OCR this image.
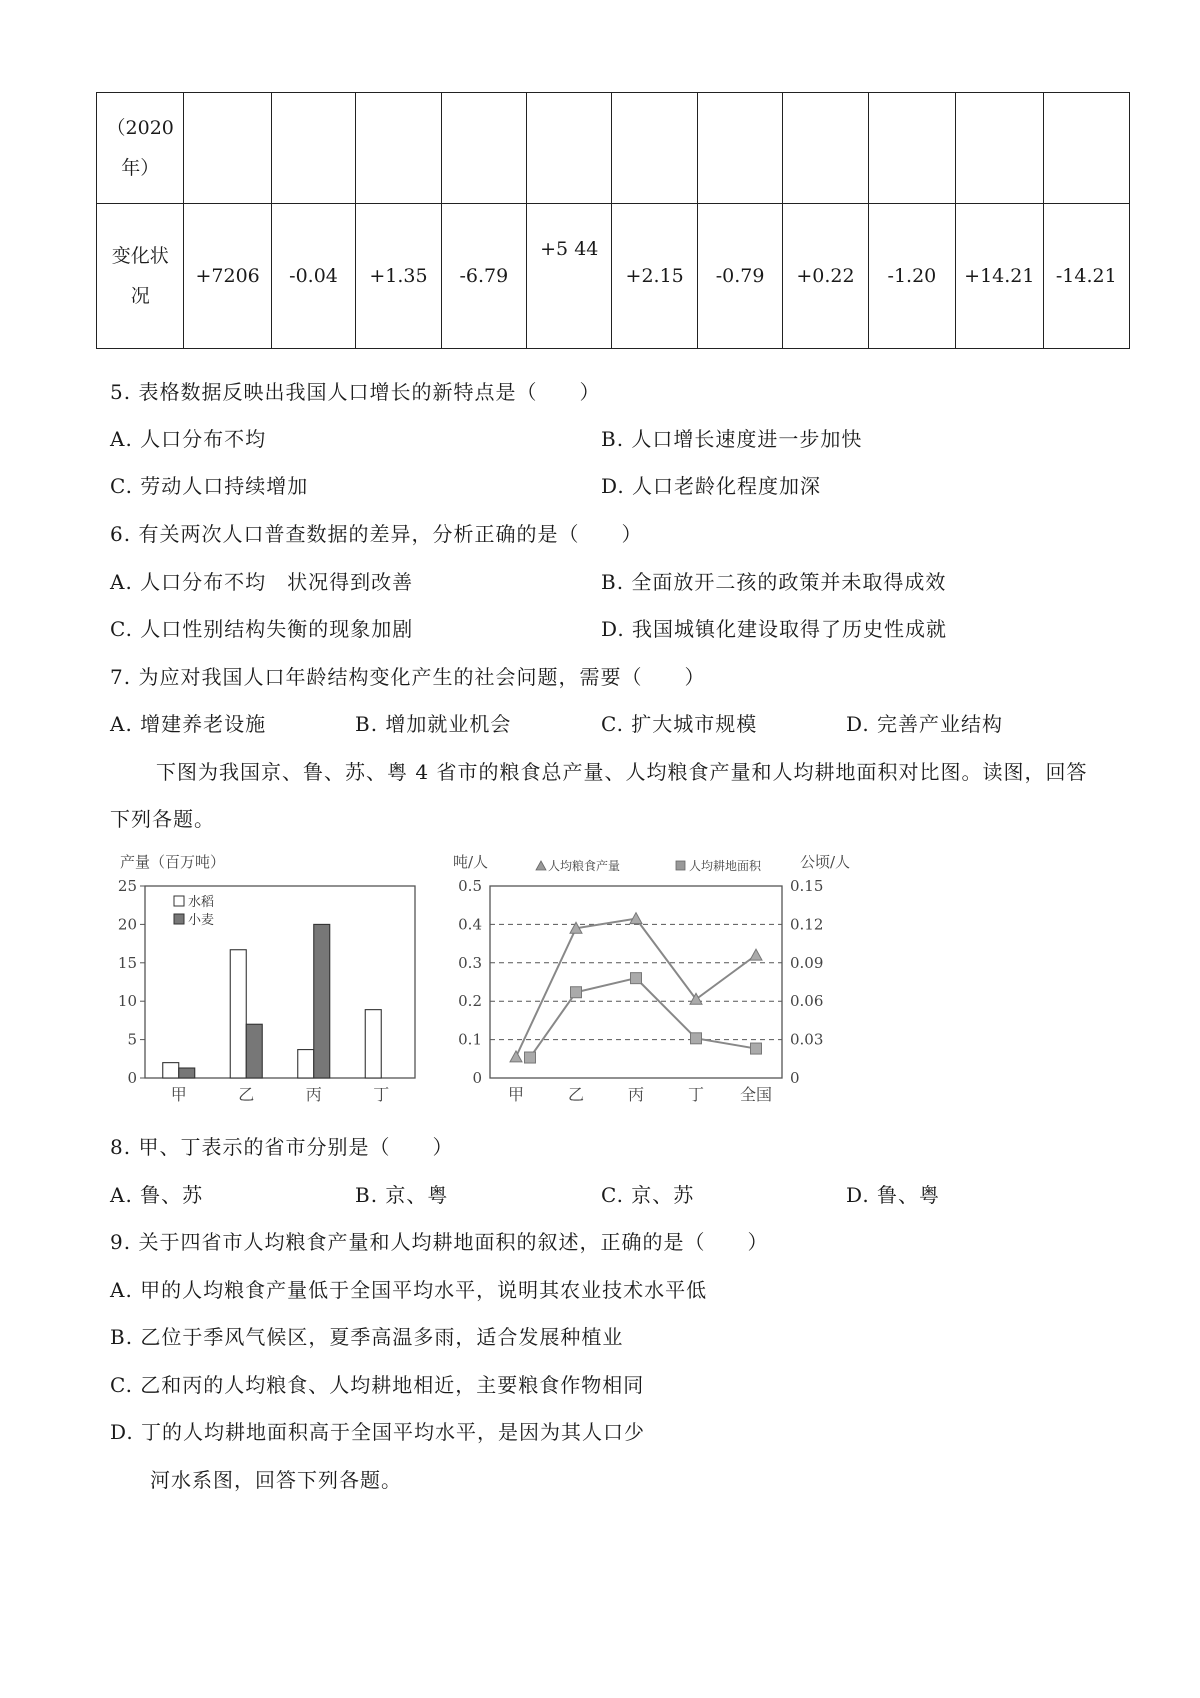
（2020
年）											

变化状
况	+7206	-0.04	+1.35	-6.79	+5 44	+2.15	-0.79	+0.22	-1.20	+14.21	-14.21
5. 表格数据反映出我国人口增长的新特点是（　　）
A. 人口分布不均	B. 人口增长速度进一步加快
C. 劳动人口持续增加	D. 人口老龄化程度加深
6. 有关两次人口普查数据的差异，分析正确的是（　　）
A. 人口分布不均　状况得到改善	B. 全面放开二孩的政策并未取得成效
C. 人口性别结构失衡的现象加剧	D. 我国城镇化建设取得了历史性成就
7. 为应对我国人口年龄结构变化产生的社会问题，需要（　　）
A. 增建养老设施	B. 增加就业机会	C. 扩大城市规模	D. 完善产业结构
下图为我国京、鲁、苏、粤 4 省市的粮食总产量、人均粮食产量和人均耕地面积对比图。读图，回答
下列各题。
产量（百万吨）
0
5
10
15
20
25
甲	乙	丙	丁
水稻
小麦
吨/人	公顷/人
人均粮食产量	人均耕地面积
0	0
0.1	0.03
0.2	0.06
0.3	0.09
0.4	0.12
0.5	0.15
甲	乙	丙	丁 全国
8. 甲、丁表示的省市分别是（　　）
A. 鲁、苏	B. 京、粤	C. 京、苏	D. 鲁、粤
9. 关于四省市人均粮食产量和人均耕地面积的叙述，正确的是（　　）
A. 甲的人均粮食产量低于全国平均水平，说明其农业技术水平低
B. 乙位于季风气候区，夏季高温多雨，适合发展种植业
C. 乙和丙的人均粮食、人均耕地相近，主要粮食作物相同
D. 丁的人均耕地面积高于全国平均水平，是因为其人口少
河水系图，回答下列各题。
